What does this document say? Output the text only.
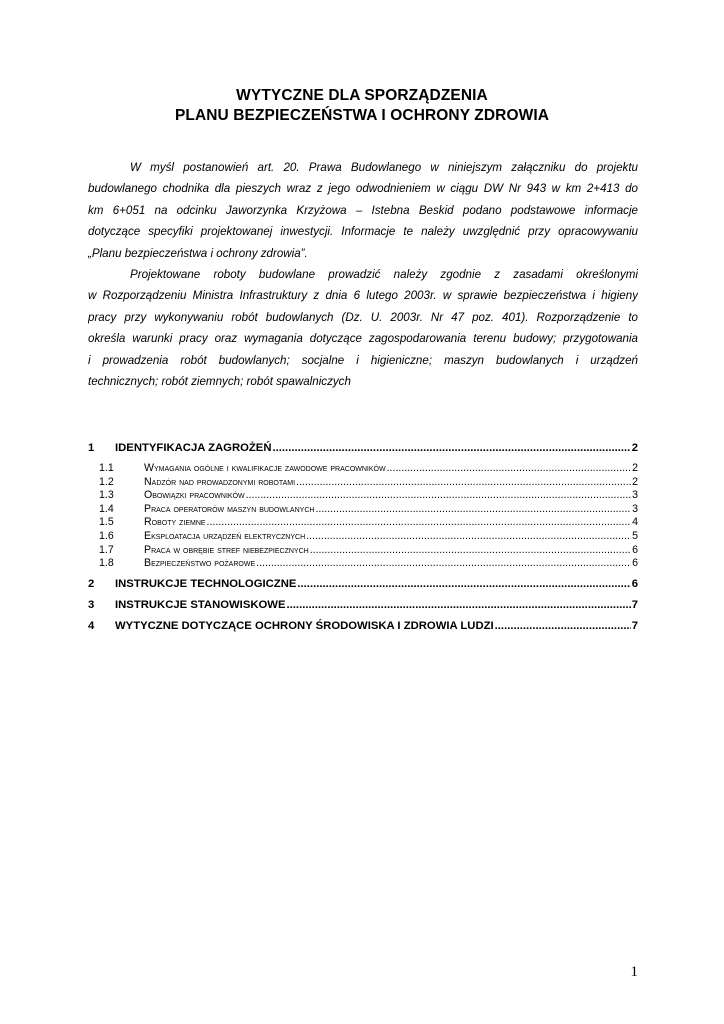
WYTYCZNE DLA SPORZĄDZENIA
PLANU BEZPIECZEŃSTWA I OCHRONY ZDROWIA
W myśl postanowień art. 20. Prawa Budowlanego w niniejszym załączniku do projektu
budowlanego chodnika dla pieszych wraz z jego odwodnieniem w ciągu DW Nr 943 w km 2+413 do
km 6+051 na odcinku Jaworzynka Krzyżowa – Istebna Beskid podano podstawowe informacje
dotyczące specyfiki projektowanej inwestycji. Informacje te należy uwzględnić przy opracowywaniu
„Planu bezpieczeństwa i ochrony zdrowia”.
Projektowane roboty budowlane prowadzić należy zgodnie z zasadami określonymi
w Rozporządzeniu Ministra Infrastruktury z dnia 6 lutego 2003r. w sprawie bezpieczeństwa i higieny
pracy przy wykonywaniu robót budowlanych (Dz. U. 2003r. Nr 47 poz. 401). Rozporządzenie to
określa warunki pracy oraz wymagania dotyczące zagospodarowania terenu budowy; przygotowania
i prowadzenia robót budowlanych; socjalne i higieniczne; maszyn budowlanych i urządzeń
technicznych; robót ziemnych; robót spawalniczych
1	IDENTYFIKACJA ZAGROŻEŃ .....	2
1.1	Wymagania ogólne i kwalifikacje zawodowe pracowników .....	2
1.2	Nadzór nad prowadzonymi robotami .....	2
1.3	Obowiązki pracowników .....	3
1.4	Praca operatorów maszyn budowlanych .....	3
1.5	Roboty ziemne .....	4
1.6	Eksploatacja urządzeń elektrycznych .....	5
1.7	Praca w obrębie stref niebezpiecznych .....	6
1.8	Bezpieczeństwo pożarowe .....	6
2	INSTRUKCJE TECHNOLOGICZNE .....	6
3	INSTRUKCJE STANOWISKOWE .....	7
4	WYTYCZNE DOTYCZĄCE OCHRONY ŚRODOWISKA I ZDROWIA LUDZI .....	7
1
